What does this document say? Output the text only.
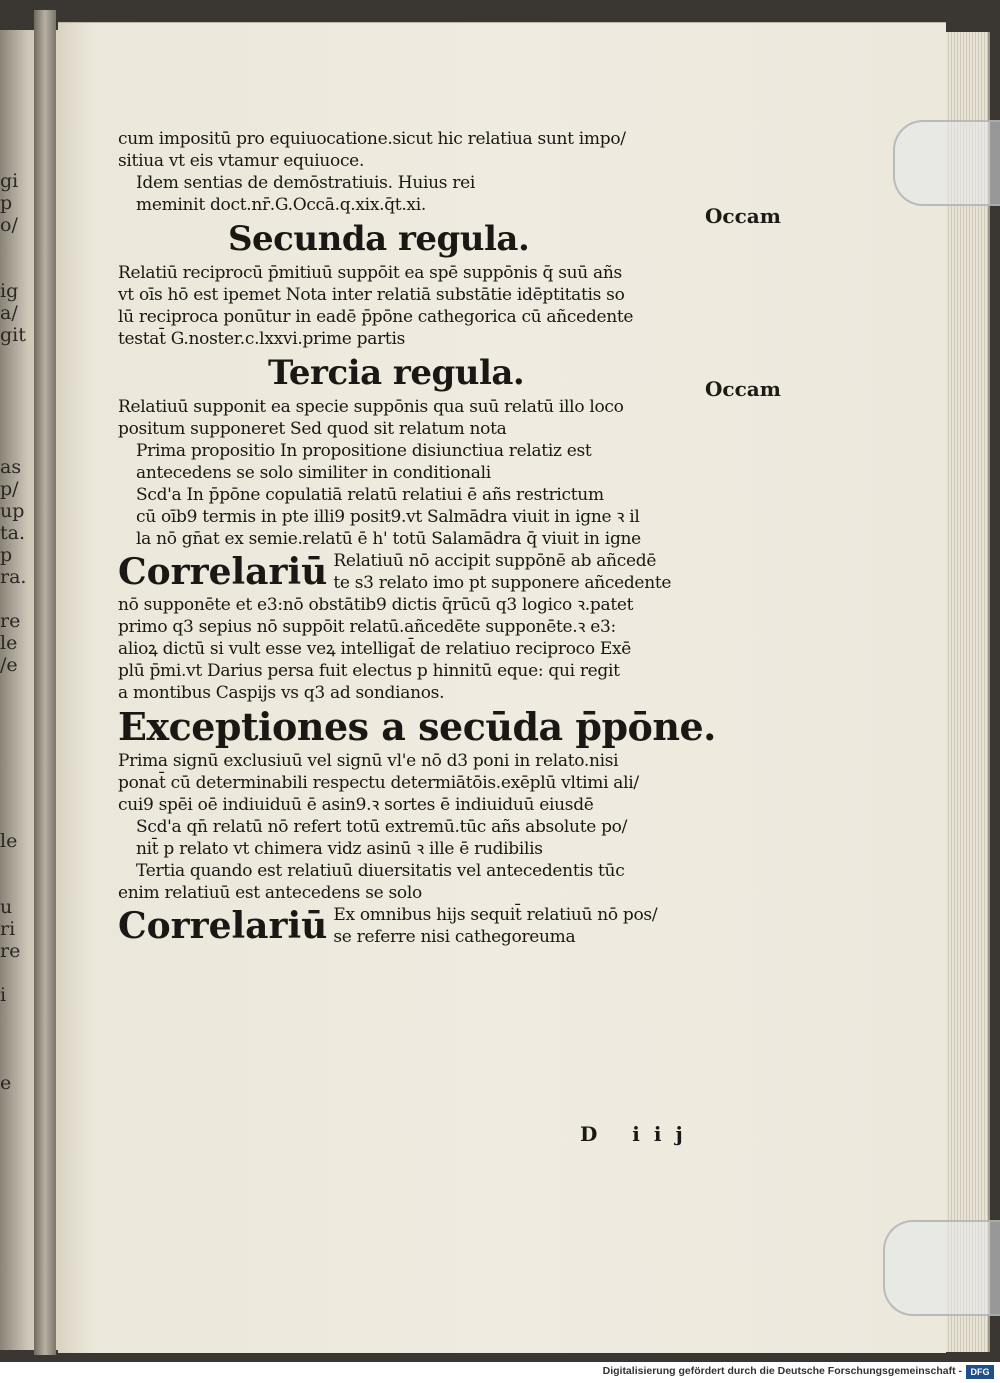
gi
p
o/
ig
a/
git
as
p/
up
ta.
p
ra.
re
le
/e
le
u
ri
re
i
e
cum impositū pro equiuocatione.sicut hic relatiua sunt impo/
sitiua vt eis vtamur equiuoce.
Idem sentias de demōstratiuis. Huius rei
meminit doct.nr̄.G.Occā.q.xix.q̄t.xi.
Secunda regula.
Relatiū reciprocū p̄mitiuū suppōit ea spē suppōnis q̄ suū añs
vt oīs hō est ipemet Nota inter relatiā substātie idēptitatis so
lū reciproca ponūtur in eadē p̄pōne cathegorica cū añcedente
testat̄ G.noster.c.lxxvi.prime partis
Tercia regula.
Relatiuū supponit ea specie suppōnis qua suū relatū illo loco
positum supponeret Sed quod sit relatum nota
Prima propositio In propositione disiunctiua relatiz est
antecedens se solo similiter in conditionali
Scd'a In p̄pōne copulatiā relatū relatiui ē añs restrictum
cū oīb9 termis in pte illi9 posit9.vt Salmādra viuit in igne ꝛ il
la nō gn̄at ex semie.relatū ē h' totū Salamādra q̄ viuit in igne
Correlariū Relatiuū nō accipit suppōnē ab añcedē
te s3 relato imo pt supponere añcedente
nō supponēte et e3:nō obstātib9 dictis q̄rūcū q3 logico ꝛ.patet
primo q3 sepius nō suppōit relatū.añcedēte supponēte.ꝛ e3:
alioꝝ dictū si vult esse veꝝ intelligat̄ de relatiuo reciproco Exē
plū p̄mi.vt Darius persa fuit electus p hinnitū eque: qui regit
a montibus Caspijs vs q3 ad sondianos.
Exceptiones a secūda p̄pōne.
Prima signū exclusiuū vel signū vl'e nō d3 poni in relato.nisi
ponat̄ cū determinabili respectu determiātōis.exēplū vltimi ali/
cui9 spēi oē indiuiduū ē asin9.ꝛ sortes ē indiuiduū eiusdē
Scd'a qn̄ relatū nō refert totū extremū.tūc añs absolute po/
nit̄ p relato vt chimera vidz asinū ꝛ ille ē rudibilis
Tertia quando est relatiuū diuersitatis vel antecedentis tūc
enim relatiuū est antecedens se solo
Correlariū Ex omnibus hijs sequit̄ relatiuū nō pos/
se referre nisi cathegoreuma
Occam
Occam
D iij
Digitalisierung gefördert durch die Deutsche Forschungsgemeinschaft - DFG
